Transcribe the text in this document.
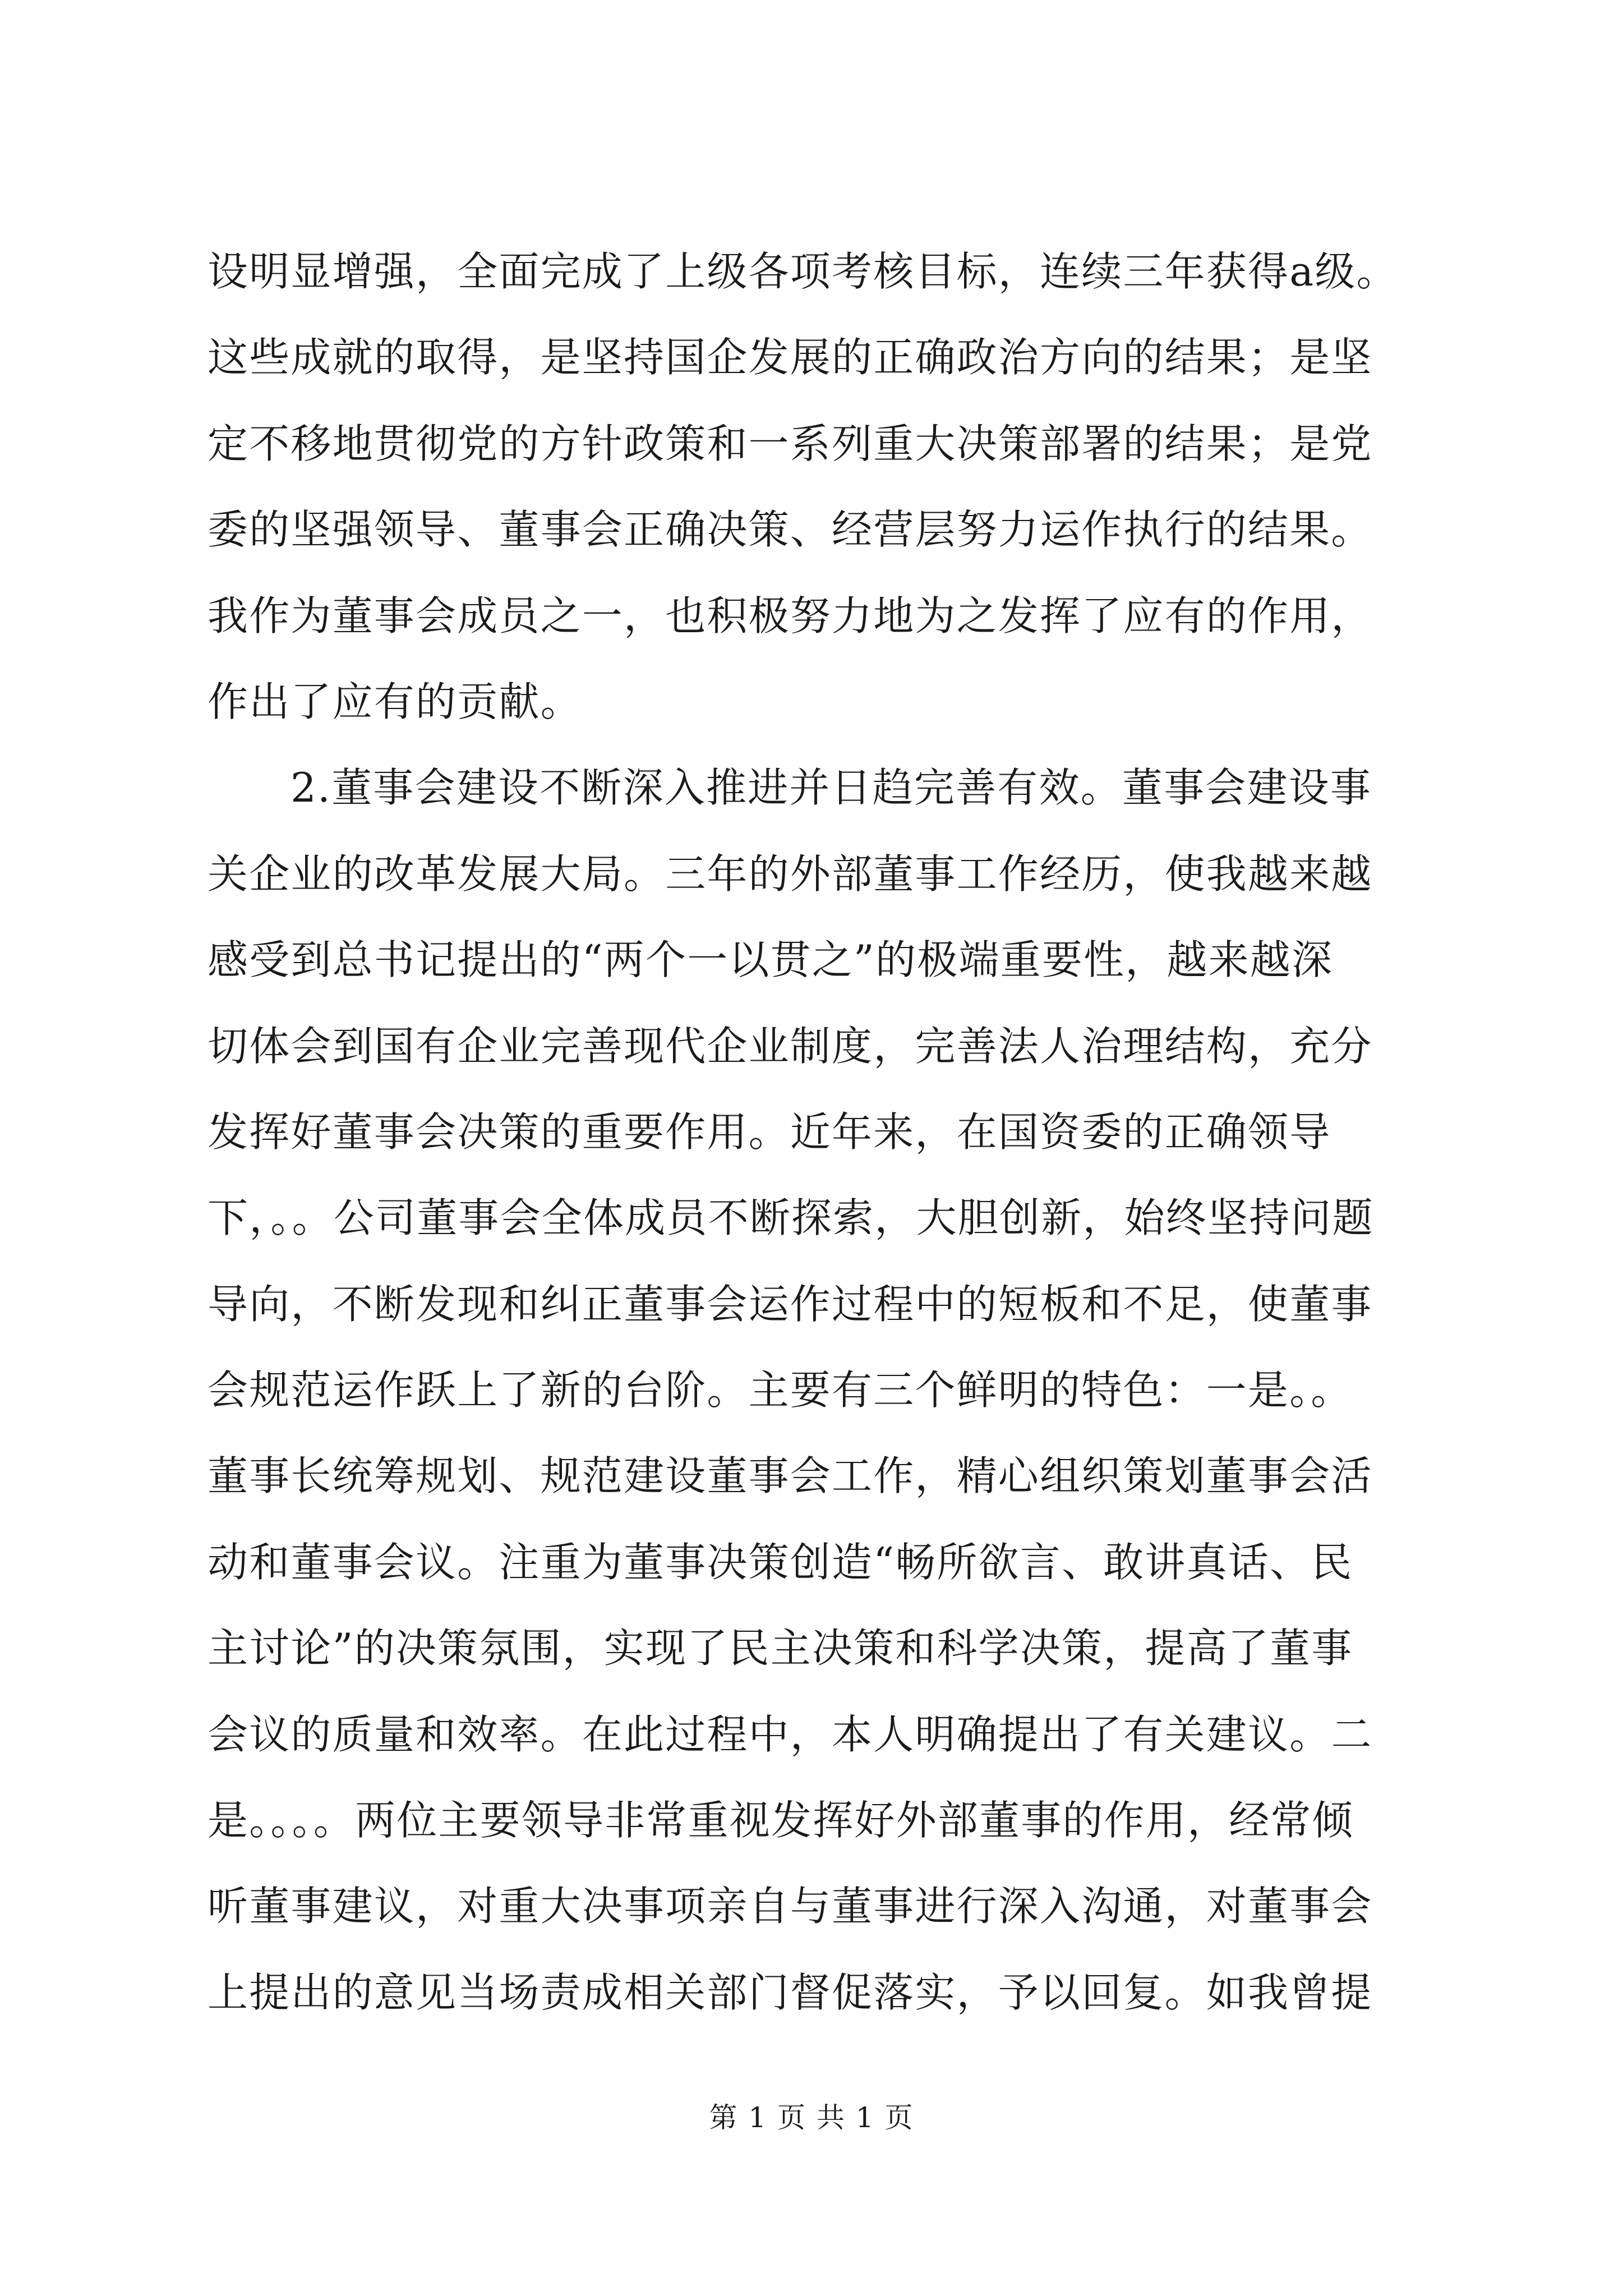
设明显增强，全面完成了上级各项考核目标，连续三年获得a级。
这些成就的取得，是坚持国企发展的正确政治方向的结果；是坚
定不移地贯彻党的方针政策和一系列重大决策部署的结果；是党
委的坚强领导、董事会正确决策、经营层努力运作执行的结果。
我作为董事会成员之一，也积极努力地为之发挥了应有的作用，
作出了应有的贡献。
2.董事会建设不断深入推进并日趋完善有效。董事会建设事
关企业的改革发展大局。三年的外部董事工作经历，使我越来越
感受到总书记提出的“两个一以贯之”的极端重要性，越来越深
切体会到国有企业完善现代企业制度，完善法人治理结构，充分
发挥好董事会决策的重要作用。近年来，在国资委的正确领导
下，。。公司董事会全体成员不断探索，大胆创新，始终坚持问题
导向，不断发现和纠正董事会运作过程中的短板和不足，使董事
会规范运作跃上了新的台阶。主要有三个鲜明的特色：一是。。
董事长统筹规划、规范建设董事会工作，精心组织策划董事会活
动和董事会议。注重为董事决策创造“畅所欲言、敢讲真话、民
主讨论”的决策氛围，实现了民主决策和科学决策，提高了董事
会议的质量和效率。在此过程中，本人明确提出了有关建议。二
是。。。。两位主要领导非常重视发挥好外部董事的作用，经常倾
听董事建议，对重大决事项亲自与董事进行深入沟通，对董事会
上提出的意见当场责成相关部门督促落实，予以回复。如我曾提
第 1 页 共 1 页
